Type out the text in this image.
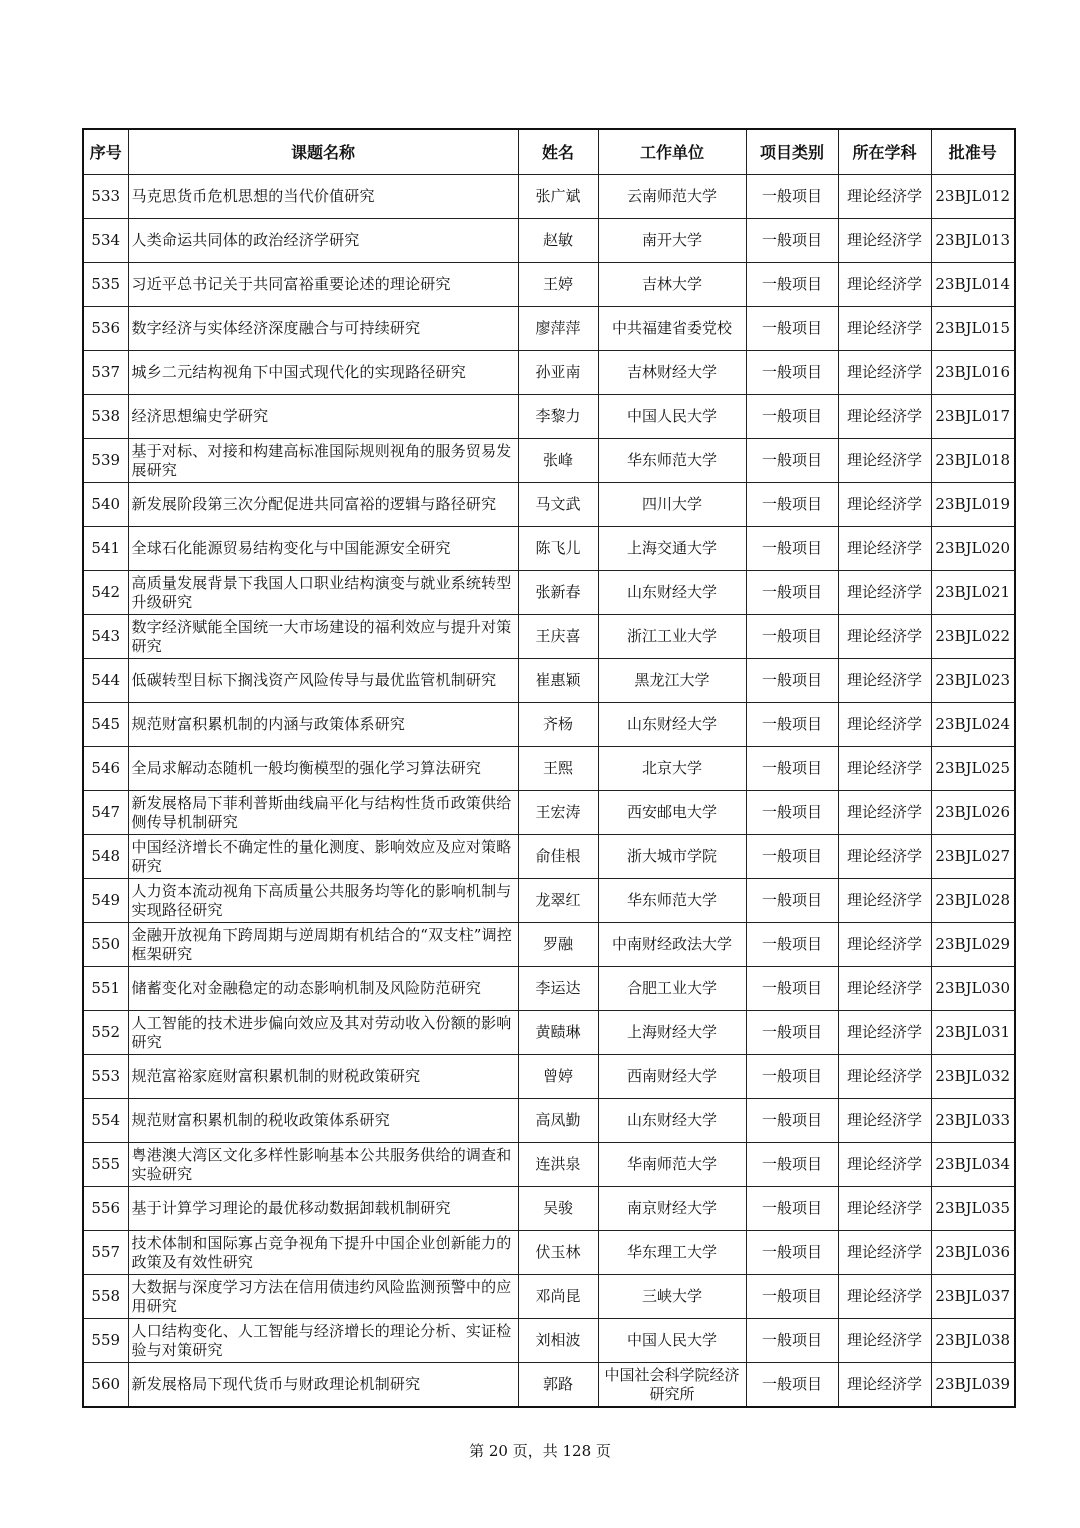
序号	课题名称	姓名	工作单位	项目类别	所在学科	批准号
533	马克思货币危机思想的当代价值研究	张广斌	云南师范大学	一般项目	理论经济学	23BJL012
534	人类命运共同体的政治经济学研究	赵敏	南开大学	一般项目	理论经济学	23BJL013
535	习近平总书记关于共同富裕重要论述的理论研究	王婷	吉林大学	一般项目	理论经济学	23BJL014
536	数字经济与实体经济深度融合与可持续研究	廖萍萍	中共福建省委党校	一般项目	理论经济学	23BJL015
537	城乡二元结构视角下中国式现代化的实现路径研究	孙亚南	吉林财经大学	一般项目	理论经济学	23BJL016
538	经济思想编史学研究	李黎力	中国人民大学	一般项目	理论经济学	23BJL017
539	基于对标、对接和构建高标准国际规则视角的服务贸易发展研究	张峰	华东师范大学	一般项目	理论经济学	23BJL018
540	新发展阶段第三次分配促进共同富裕的逻辑与路径研究	马文武	四川大学	一般项目	理论经济学	23BJL019
541	全球石化能源贸易结构变化与中国能源安全研究	陈飞儿	上海交通大学	一般项目	理论经济学	23BJL020
542	高质量发展背景下我国人口职业结构演变与就业系统转型升级研究	张新春	山东财经大学	一般项目	理论经济学	23BJL021
543	数字经济赋能全国统一大市场建设的福利效应与提升对策研究	王庆喜	浙江工业大学	一般项目	理论经济学	23BJL022
544	低碳转型目标下搁浅资产风险传导与最优监管机制研究	崔惠颖	黑龙江大学	一般项目	理论经济学	23BJL023
545	规范财富积累机制的内涵与政策体系研究	齐杨	山东财经大学	一般项目	理论经济学	23BJL024
546	全局求解动态随机一般均衡模型的强化学习算法研究	王熙	北京大学	一般项目	理论经济学	23BJL025
547	新发展格局下菲利普斯曲线扁平化与结构性货币政策供给侧传导机制研究	王宏涛	西安邮电大学	一般项目	理论经济学	23BJL026
548	中国经济增长不确定性的量化测度、影响效应及应对策略研究	俞佳根	浙大城市学院	一般项目	理论经济学	23BJL027
549	人力资本流动视角下高质量公共服务均等化的影响机制与实现路径研究	龙翠红	华东师范大学	一般项目	理论经济学	23BJL028
550	金融开放视角下跨周期与逆周期有机结合的“双支柱”调控框架研究	罗融	中南财经政法大学	一般项目	理论经济学	23BJL029
551	储蓄变化对金融稳定的动态影响机制及风险防范研究	李运达	合肥工业大学	一般项目	理论经济学	23BJL030
552	人工智能的技术进步偏向效应及其对劳动收入份额的影响研究	黄赜琳	上海财经大学	一般项目	理论经济学	23BJL031
553	规范富裕家庭财富积累机制的财税政策研究	曾婷	西南财经大学	一般项目	理论经济学	23BJL032
554	规范财富积累机制的税收政策体系研究	高凤勤	山东财经大学	一般项目	理论经济学	23BJL033
555	粤港澳大湾区文化多样性影响基本公共服务供给的调查和实验研究	连洪泉	华南师范大学	一般项目	理论经济学	23BJL034
556	基于计算学习理论的最优移动数据卸载机制研究	吴骏	南京财经大学	一般项目	理论经济学	23BJL035
557	技术体制和国际寡占竞争视角下提升中国企业创新能力的政策及有效性研究	伏玉林	华东理工大学	一般项目	理论经济学	23BJL036
558	大数据与深度学习方法在信用债违约风险监测预警中的应用研究	邓尚昆	三峡大学	一般项目	理论经济学	23BJL037
559	人口结构变化、人工智能与经济增长的理论分析、实证检验与对策研究	刘相波	中国人民大学	一般项目	理论经济学	23BJL038
560	新发展格局下现代货币与财政理论机制研究	郭路	中国社会科学院经济研究所	一般项目	理论经济学	23BJL039
第 20 页，共 128 页
